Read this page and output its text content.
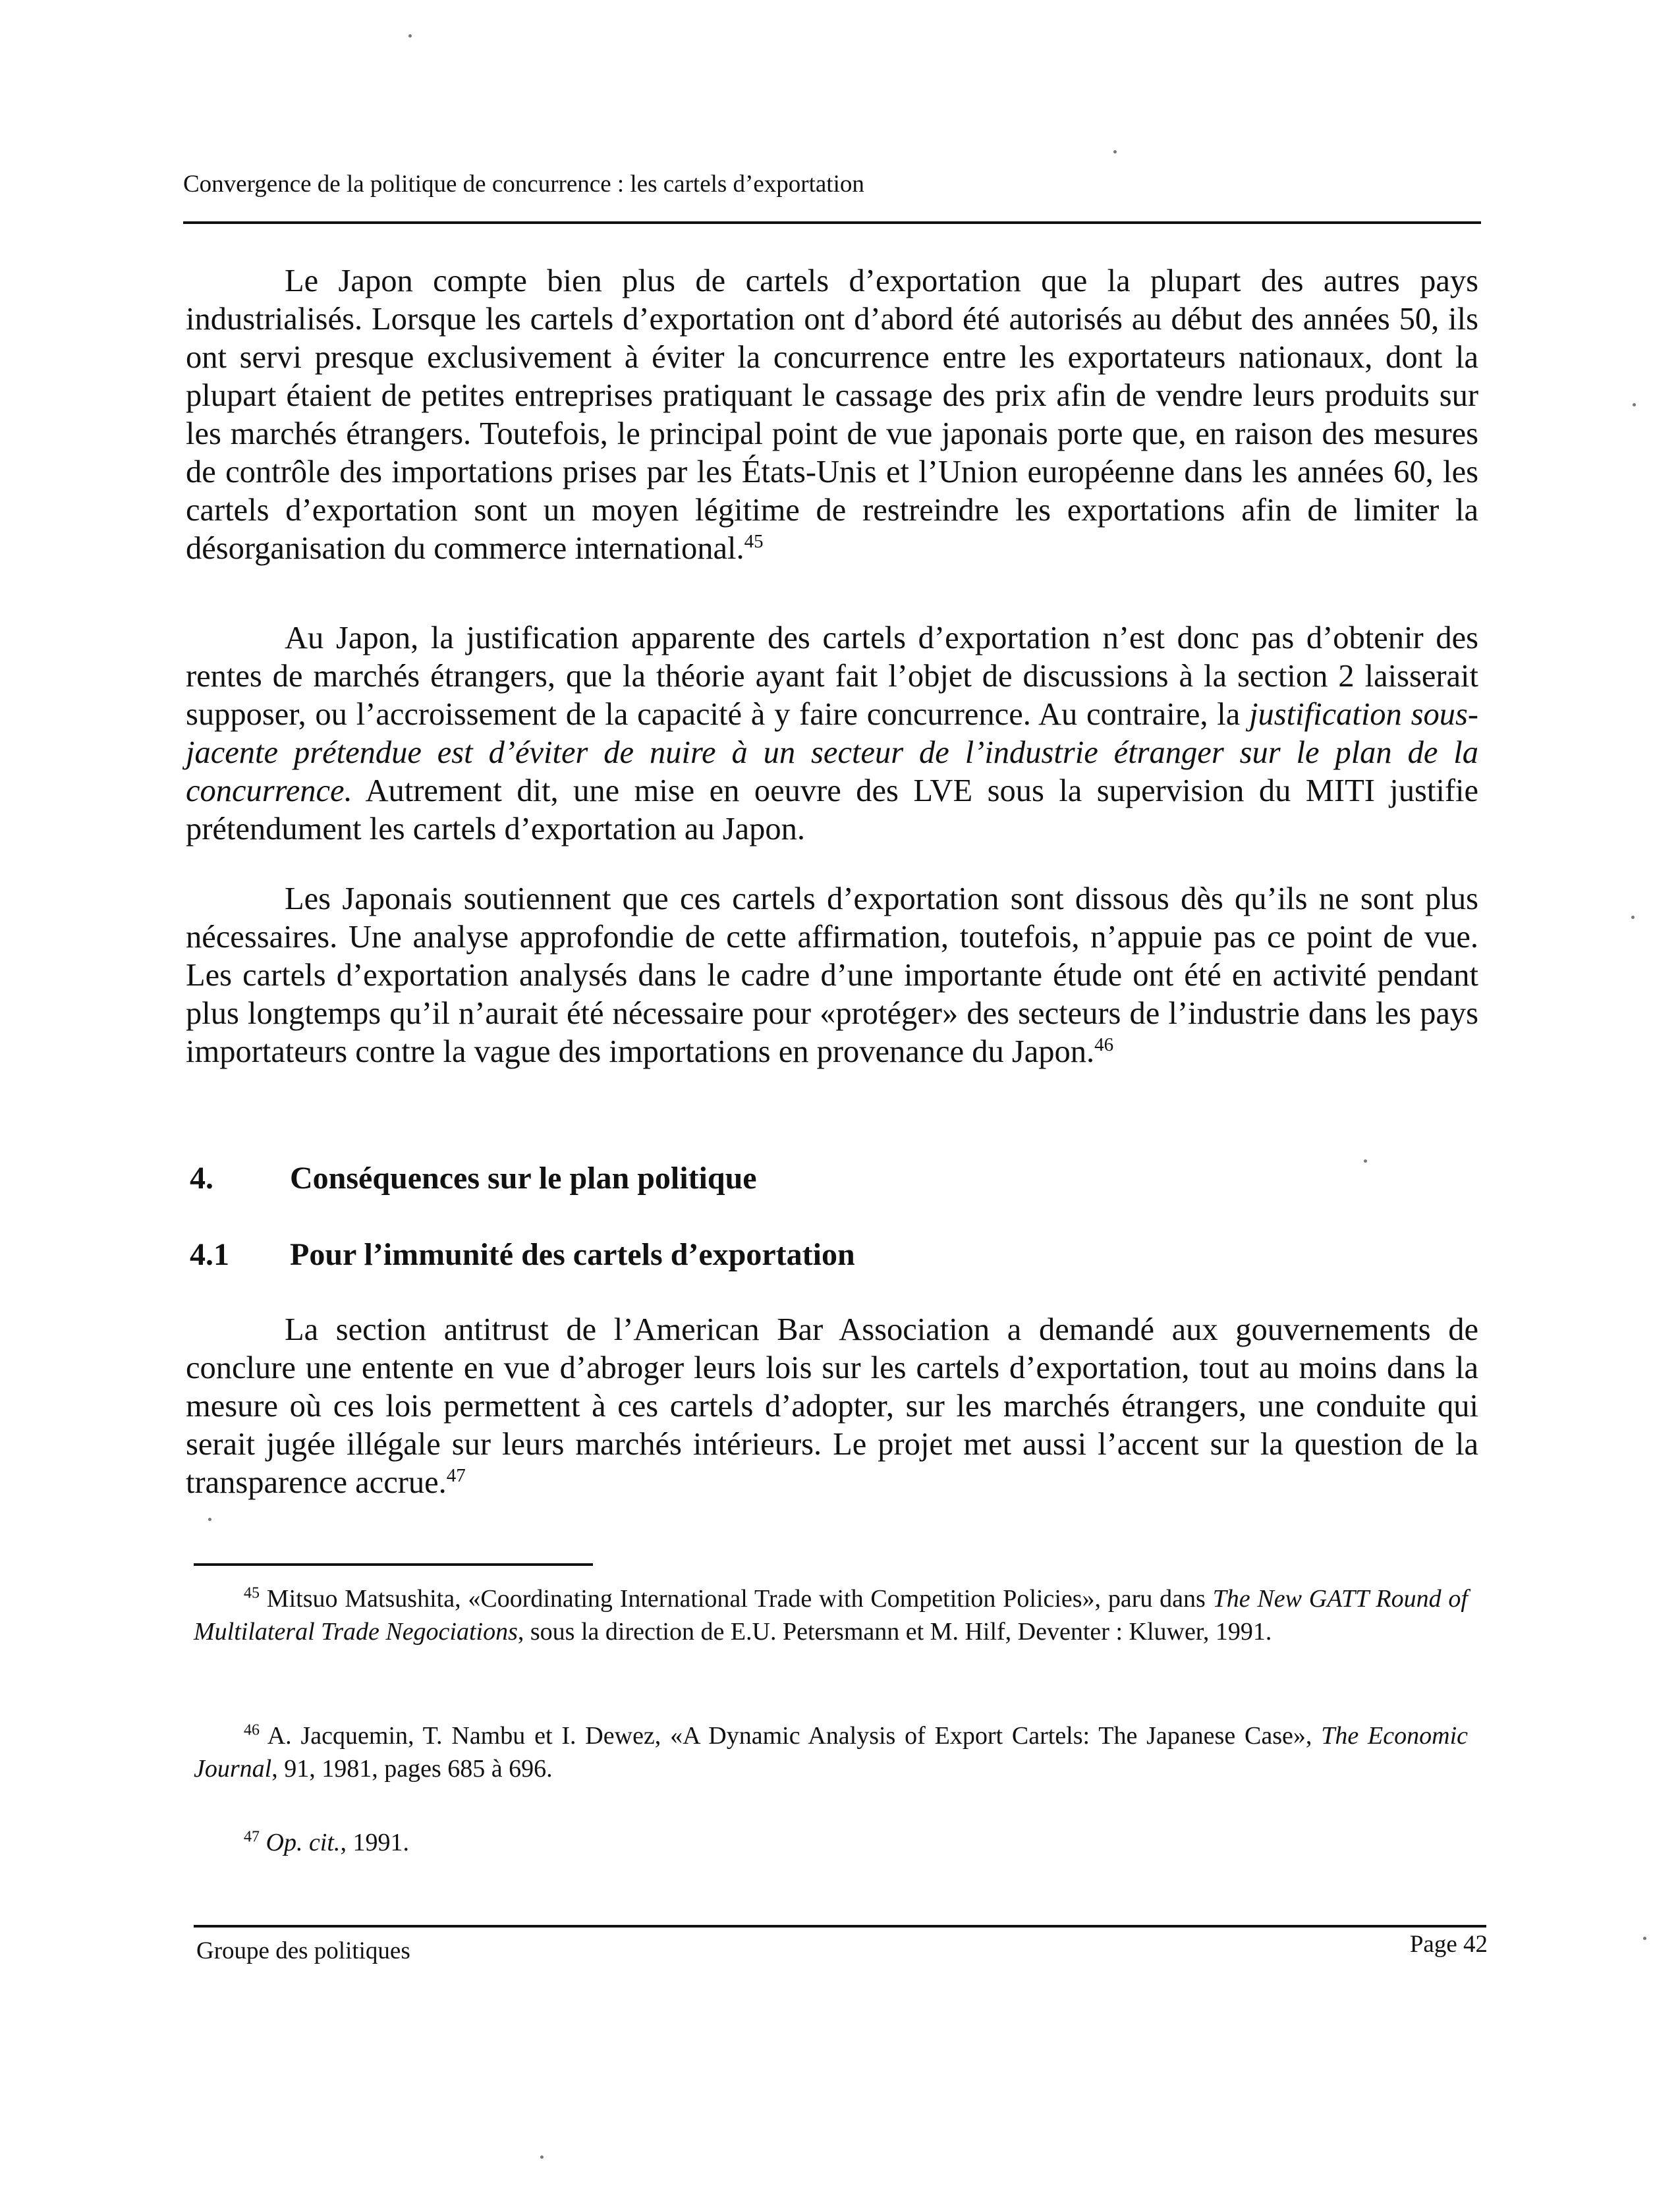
Convergence de la politique de concurrence : les cartels d’exportation

Le Japon compte bien plus de cartels d’exportation que la plupart des autres pays industrialisés. Lorsque les cartels d’exportation ont d’abord été autorisés au début des années 50, ils ont servi presque exclusivement à éviter la concurrence entre les exportateurs nationaux, dont la plupart étaient de petites entreprises pratiquant le cassage des prix afin de vendre leurs produits sur les marchés étrangers. Toutefois, le principal point de vue japonais porte que, en raison des mesures de contrôle des importations prises par les États-Unis et l’Union européenne dans les années 60, les cartels d’exportation sont un moyen légitime de restreindre les exportations afin de limiter la désorganisation du commerce international.$^{45}$

Au Japon, la justification apparente des cartels d’exportation n’est donc pas d’obtenir des rentes de marchés étrangers, que la théorie ayant fait l’objet de discussions à la section 2 laisserait supposer, ou l’accroissement de la capacité à y faire concurrence. Au contraire, la justification sous-jacente prétendue est d’éviter de nuire à un secteur de l’industrie étranger sur le plan de la concurrence. Autrement dit, une mise en oeuvre des LVE sous la supervision du MITI justifie prétendument les cartels d’exportation au Japon.

Les Japonais soutiennent que ces cartels d’exportation sont dissous dès qu’ils ne sont plus nécessaires. Une analyse approfondie de cette affirmation, toutefois, n’appuie pas ce point de vue. Les cartels d’exportation analysés dans le cadre d’une importante étude ont été en activité pendant plus longtemps qu’il n’aurait été nécessaire pour «protéger» des secteurs de l’industrie dans les pays importateurs contre la vague des importations en provenance du Japon.$^{46}$

4. Conséquences sur le plan politique
4.1 Pour l’immunité des cartels d’exportation

La section antitrust de l’American Bar Association a demandé aux gouvernements de conclure une entente en vue d’abroger leurs lois sur les cartels d’exportation, tout au moins dans la mesure où ces lois permettent à ces cartels d’adopter, sur les marchés étrangers, une conduite qui serait jugée illégale sur leurs marchés intérieurs. Le projet met aussi l’accent sur la question de la transparence accrue.$^{47}$

$^{45}$ Mitsuo Matsushita, «Coordinating International Trade with Competition Policies», paru dans The New GATT Round of Multilateral Trade Negociations, sous la direction de E.U. Petersmann et M. Hilf, Deventer : Kluwer, 1991.

$^{46}$ A. Jacquemin, T. Nambu et I. Dewez, «A Dynamic Analysis of Export Cartels: The Japanese Case», The Economic Journal, 91, 1981, pages 685 à 696.

$^{47}$ Op. cit., 1991.

Groupe des politiques	Page 42
